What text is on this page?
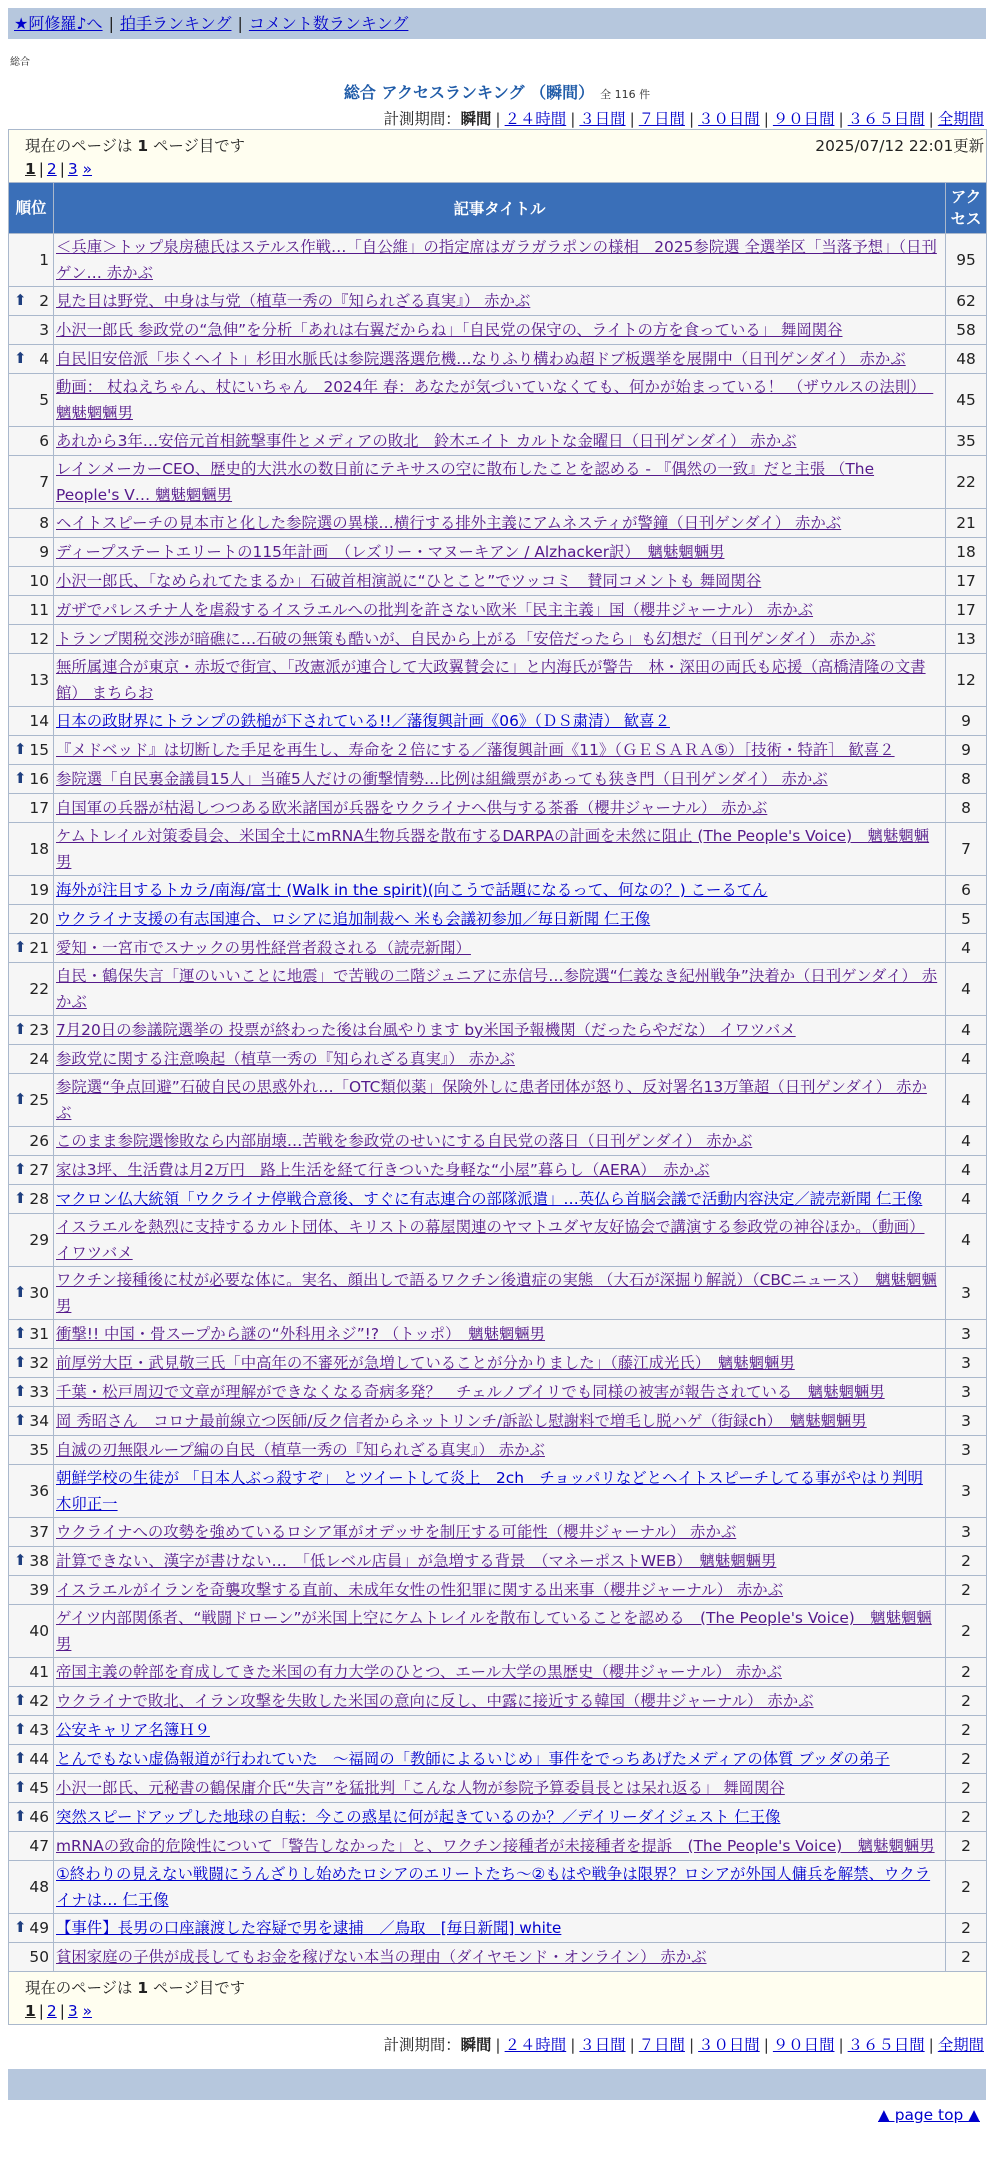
★阿修羅♪へ | 拍手ランキング | コメント数ランキング
総合
総合 アクセスランキング （瞬間） 全 116 件
計測期間：瞬間 | ２４時間 | ３日間 | ７日間 | ３０日間 | ９０日間 | ３６５日間 | 全期間
現在のページは 1 ページ目です 2025/07/12 22:01更新
1 | 2 | 3 »		

順位	記事タイトル	アクセス
1	＜兵庫＞トップ泉房穂氏はステルス作戦…「自公維」の指定席はガラガラポンの様相　2025参院選 全選挙区「当落予想」（日刊ゲン… 赤かぶ	95

⬆ 2	見た目は野党、中身は与党（植草一秀の『知られざる真実』） 赤かぶ	62
3	小沢一郎氏 参政党の“急伸”を分析「あれは右翼だからね」「自民党の保守の、ライトの方を食っている」 舞岡関谷	58

⬆ 4	自民旧安倍派「歩くヘイト」杉田水脈氏は参院選落選危機…なりふり構わぬ超ドブ板選挙を展開中（日刊ゲンダイ） 赤かぶ	48
5	動画： 杖ねえちゃん、杖にいちゃん　2024年 春：あなたが気づいていなくても、何かが始まっている！ （ザウルスの法則）　魑魅魍魎男	45
6	あれから3年…安倍元首相銃撃事件とメディアの敗北　鈴木エイト カルトな金曜日（日刊ゲンダイ） 赤かぶ	35
7	レインメーカーCEO、歴史的大洪水の数日前にテキサスの空に散布したことを認める - 『偶然の一致』だと主張 （The People's V… 魑魅魍魎男	22
8	ヘイトスピーチの見本市と化した参院選の異様…横行する排外主義にアムネスティが警鐘（日刊ゲンダイ） 赤かぶ	21
9	ディープステートエリートの115年計画　（レズリー・マヌーキアン / Alzhacker訳）　魑魅魍魎男	18
10	小沢一郎氏、「なめられてたまるか」石破首相演説に“ひとこと”でツッコミ　賛同コメントも 舞岡関谷	17
11	ガザでパレスチナ人を虐殺するイスラエルへの批判を許さない欧米「民主主義」国（櫻井ジャーナル） 赤かぶ	17
12	トランプ関税交渉が暗礁に…石破の無策も酷いが、自民から上がる「安倍だったら」も幻想だ（日刊ゲンダイ） 赤かぶ	13
13	無所属連合が東京・赤坂で街宣、「改憲派が連合して大政翼賛会に」と内海氏が警告　林・深田の両氏も応援（高橋清隆の文書館） まちらお	12
14	日本の政財界にトランプの鉄槌が下されている!!／藩復興計画《06》（ＤＳ粛清） 歓喜２	9

⬆ 15	『メドベッド』は切断した手足を再生し、寿命を２倍にする／藩復興計画《11》（ＧＥＳＡＲＡ⑤）［技術・特許］ 歓喜２	9

⬆ 16	参院選「自民裏金議員15人」当確5人だけの衝撃情勢…比例は組織票があっても狭き門（日刊ゲンダイ） 赤かぶ	8
17	自国軍の兵器が枯渇しつつある欧米諸国が兵器をウクライナへ供与する茶番（櫻井ジャーナル） 赤かぶ	8
18	ケムトレイル対策委員会、米国全土にmRNA生物兵器を散布するDARPAの計画を未然に阻止 (The People's Voice)　魑魅魍魎男	7
19	海外が注目するトカラ/南海/富士 (Walk in the spirit)(向こうで話題になるって、何なの？) こーるてん	6
20	ウクライナ支援の有志国連合、ロシアに追加制裁へ 米も会議初参加／毎日新聞 仁王像	5

⬆ 21	愛知・一宮市でスナックの男性経営者殺される（読売新聞）	4
22	自民・鶴保失言「運のいいことに地震」で苦戦の二階ジュニアに赤信号…参院選“仁義なき紀州戦争”決着か（日刊ゲンダイ） 赤かぶ	4

⬆ 23	7月20日の参議院選挙の 投票が終わった後は台風やります by米国予報機関（だったらやだな） イワツバメ	4
24	参政党に関する注意喚起（植草一秀の『知られざる真実』） 赤かぶ	4

⬆ 25	参院選“争点回避”石破自民の思惑外れ…「OTC類似薬」保険外しに患者団体が怒り、反対署名13万筆超（日刊ゲンダイ） 赤かぶ	4
26	このまま参院選惨敗なら内部崩壊…苦戦を参政党のせいにする自民党の落日（日刊ゲンダイ） 赤かぶ	4

⬆ 27	家は3坪、生活費は月2万円　路上生活を経て行きついた身軽な“小屋”暮らし（AERA）　赤かぶ	4

⬆ 28	マクロン仏大統領「ウクライナ停戦合意後、すぐに有志連合の部隊派遣」…英仏ら首脳会議で活動内容決定／読売新聞 仁王像	4
29	イスラエルを熱烈に支持するカルト団体、キリストの幕屋関連のヤマトユダヤ友好協会で講演する参政党の神谷ほか。（動画） イワツバメ	4

⬆ 30	ワクチン接種後に杖が必要な体に。実名、顔出しで語るワクチン後遺症の実態 （大石が深掘り解説）（CBCニュース）　魑魅魍魎男	3

⬆ 31	衝撃!! 中国・骨スープから謎の“外科用ネジ”!? （トッポ）　魑魅魍魎男	3

⬆ 32	前厚労大臣・武見敬三氏「中高年の不審死が急増していることが分かりました」（藤江成光氏）　魑魅魍魎男	3

⬆ 33	千葉・松戸周辺で文章が理解ができなくなる奇病多発？　チェルノブイリでも同様の被害が報告されている　魑魅魍魎男	3

⬆ 34	岡 秀昭さん　コロナ最前線立つ医師/反ク信者からネットリンチ/訴訟し慰謝料で増毛し脱ハゲ（街録ch）　魑魅魍魎男	3
35	自滅の刃無限ループ編の自民（植草一秀の『知られざる真実』） 赤かぶ	3
36	朝鮮学校の生徒が 「日本人ぶっ殺すぞ」 とツイートして炎上　2ch　チョッパリなどとヘイトスピーチしてる事がやはり判明 木卯正一	3
37	ウクライナへの攻勢を強めているロシア軍がオデッサを制圧する可能性（櫻井ジャーナル） 赤かぶ	3

⬆ 38	計算できない、漢字が書けない…　「低レベル店員」が急増する背景　（マネーポストWEB）　魑魅魍魎男	2
39	イスラエルがイランを奇襲攻撃する直前、未成年女性の性犯罪に関する出来事（櫻井ジャーナル） 赤かぶ	2
40	ゲイツ内部関係者、“戦闘ドローン”が米国上空にケムトレイルを散布していることを認める　(The People's Voice)　魑魅魍魎男	2
41	帝国主義の幹部を育成してきた米国の有力大学のひとつ、エール大学の黒歴史（櫻井ジャーナル） 赤かぶ	2

⬆ 42	ウクライナで敗北、イラン攻撃を失敗した米国の意向に反し、中露に接近する韓国（櫻井ジャーナル） 赤かぶ	2

⬆ 43	公安キャリア名簿Ｈ９	2

⬆ 44	とんでもない虚偽報道が行われていた　～福岡の「教師によるいじめ」事件をでっちあげたメディアの体質 ブッダの弟子	2

⬆ 45	小沢一郎氏、元秘書の鶴保庸介氏“失言”を猛批判「こんな人物が参院予算委員長とは呆れ返る」 舞岡関谷	2

⬆ 46	突然スピードアップした地球の自転：今この惑星に何が起きているのか？／デイリーダイジェスト 仁王像	2
47	mRNAの致命的危険性について「警告しなかった」と、ワクチン接種者が未接種者を提訴　(The People's Voice)　魑魅魍魎男	2
48	①終わりの見えない戦闘にうんざりし始めたロシアのエリートたち～②もはや戦争は限界？ロシアが外国人傭兵を解禁、ウクライナは… 仁王像	2

⬆ 49	【事件】長男の口座譲渡した容疑で男を逮捕　／鳥取　[毎日新聞] white	2
50	貧困家庭の子供が成長してもお金を稼げない本当の理由（ダイヤモンド・オンライン） 赤かぶ	2

現在のページは 1 ページ目です
1 | 2 | 3 »		
計測期間：瞬間 | ２４時間 | ３日間 | ７日間 | ３０日間 | ９０日間 | ３６５日間 | 全期間
▲ page top ▲
